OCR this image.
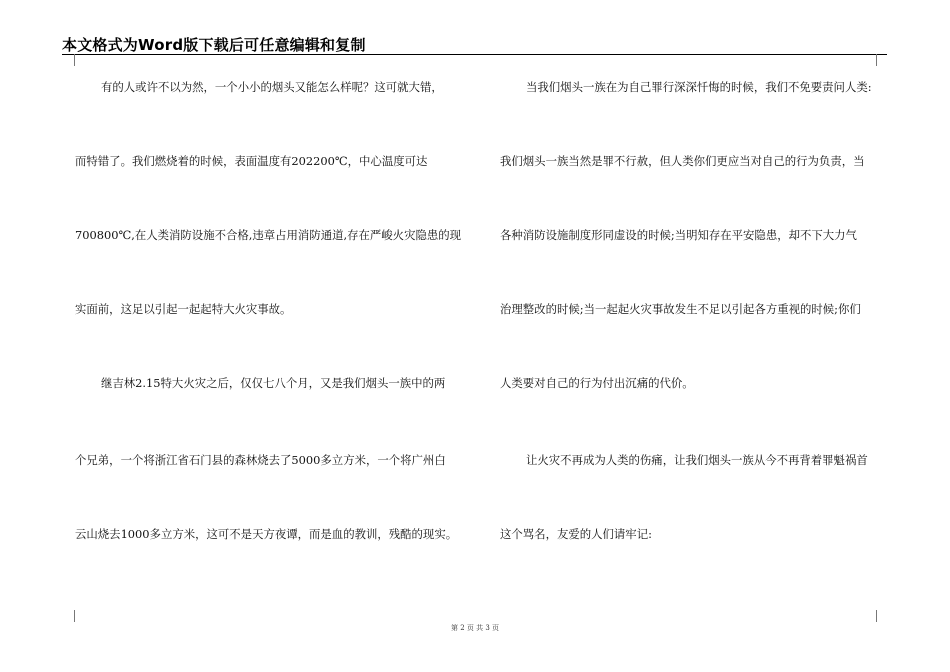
本文格式为Word版下载后可任意编辑和复制

有的人或许不以为然，一个小小的烟头又能怎么样呢？这可就大错，

而特错了。我们燃烧着的时候，表面温度有202200℃，中心温度可达

700800℃,在人类消防设施不合格,违章占用消防通道,存在严峻火灾隐患的现

实面前，这足以引起一起起特大火灾事故。

继吉林2.15特大火灾之后，仅仅七八个月，又是我们烟头一族中的两

个兄弟，一个将浙江省石门县的森林烧去了5000多立方米，一个将广州白

云山烧去1000多立方米，这可不是天方夜谭，而是血的教训，残酷的现实。

当我们烟头一族在为自己罪行深深忏悔的时候，我们不免要责问人类:

我们烟头一族当然是罪不行赦，但人类你们更应当对自己的行为负责，当

各种消防设施制度形同虚设的时候;当明知存在平安隐患，却不下大力气

治理整改的时候;当一起起火灾事故发生不足以引起各方重视的时候;你们

人类要对自己的行为付出沉痛的代价。

让火灾不再成为人类的伤痛，让我们烟头一族从今不再背着罪魁祸首

这个骂名，友爱的人们请牢记:

第 2 页 共 3 页
